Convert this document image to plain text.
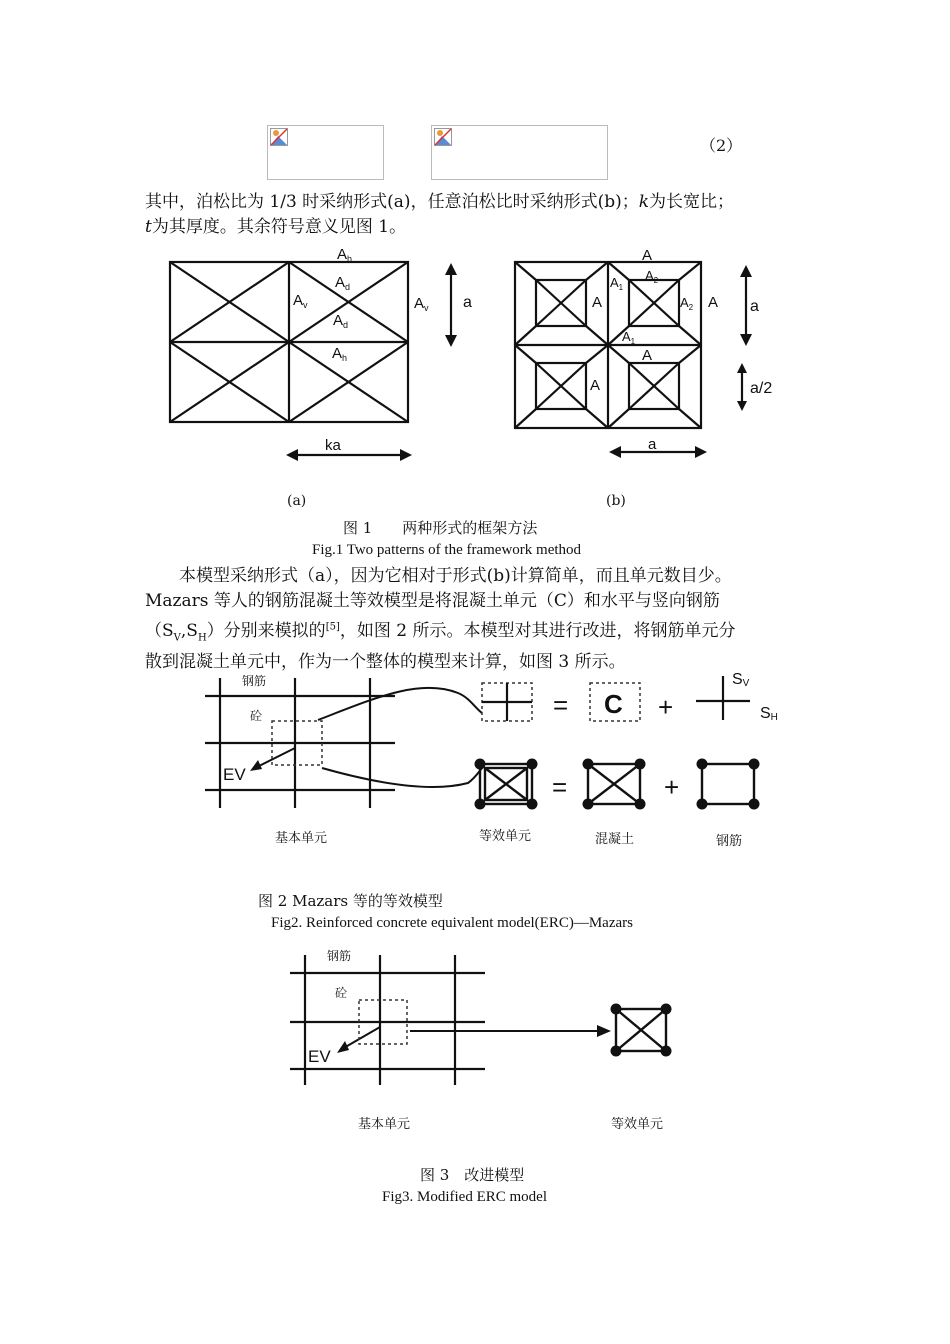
（2）
其中，泊松比为 1/3 时采纳形式(a)，任意泊松比时采纳形式(b)；k为长宽比；
t为其厚度。其余符号意义见图 1。
$A_h$
$A_d$
$A_v$
$A_d$
$A_h$
$A_v$ a
ka
A
$A_1$
$A_2$
A	$A_2$ A
$A_1$
A
A
a
a/2
a
(a)	(b)
图 1　　两种形式的框架方法
Fig.1 Two patterns of the framework method
本模型采纳形式（a），因为它相对于形式(b)计算简单，而且单元数目少。
Mazars 等人的钢筋混凝土等效模型是将混凝土单元（C）和水平与竖向钢筋
$(S_V,S_H)$分别来模拟的[5]，如图 2 所示。本模型对其进行改进，将钢筋单元分
散到混凝土单元中，作为一个整体的模型来计算，如图 3 所示。
钢筋
砼
EV
= C +
SV
SH
=	+
基本单元	等效单元	混凝土	钢筋
图 2 Mazars 等的等效模型
Fig2. Reinforced concrete equivalent model(ERC)—Mazars
钢筋
砼
EV
基本单元	等效单元
图 3　改进模型
Fig3. Modified ERC model
